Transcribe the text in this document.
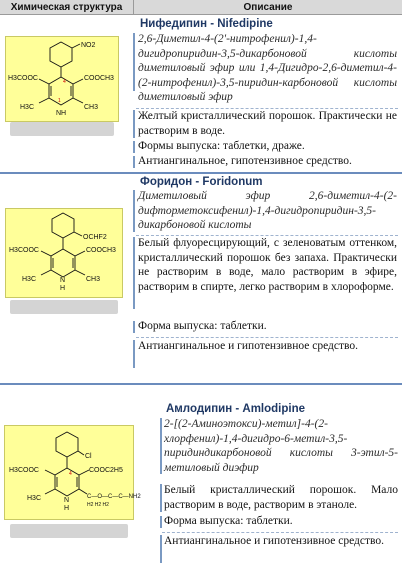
Химическая структура	Описание
NO2
H3COOC	COOCH3
H3C	CH3
NH
1
4
Нифедипин - Nifedipine
2,6-Диметил-4-(2'-нитрофенил)-1,4-дигидропиридин-3,5-дикарбоновой кислоты диметиловый эфир или 1,4-Дигидро-2,6-диметил-4-(2-нитрофенил)-3,5-пиридин-карбоновой кислоты диметиловый эфир
Желтый кристаллический порошок. Практически не растворим в воде.
Формы выпуска: таблетки, драже.
Антиангинальное, гипотензивное средство.
OCHF2
H3COOC	COOCH3
H3C	CH3
N
H
Форидон - Foridonum
Диметиловый эфир 2,6-диметил-4-(2-дифторметоксифенил)-1,4-дигидропиридин-3,5-дикарбоновой кислоты
Белый флуоресцирующий, с зеленоватым оттенком, кристаллический порошок без запаха. Практически не растворим в воде, мало растворим в эфире, растворим в спирте, легко растворим в хлороформе.
Форма выпуска: таблетки.
Антиангинальное и гипотензивное средство.
Cl
H3COOC	COOC2H5
H3C	C—O—C—C—NH2
H2 H2 H2
N
H
4
Амлодипин - Amlodipine
2-[(2-Аминоэтокси)-метил]-4-(2-хлорфенил)-1,4-дигидро-6-метил-3,5-пиридиндикарбоновой кислоты 3-этил-5-метиловый диэфир
Белый кристаллический порошок. Мало растворим в воде, растворим в этаноле.
Форма выпуска: таблетки.
Антиангинальное и гипотензивное средство.
